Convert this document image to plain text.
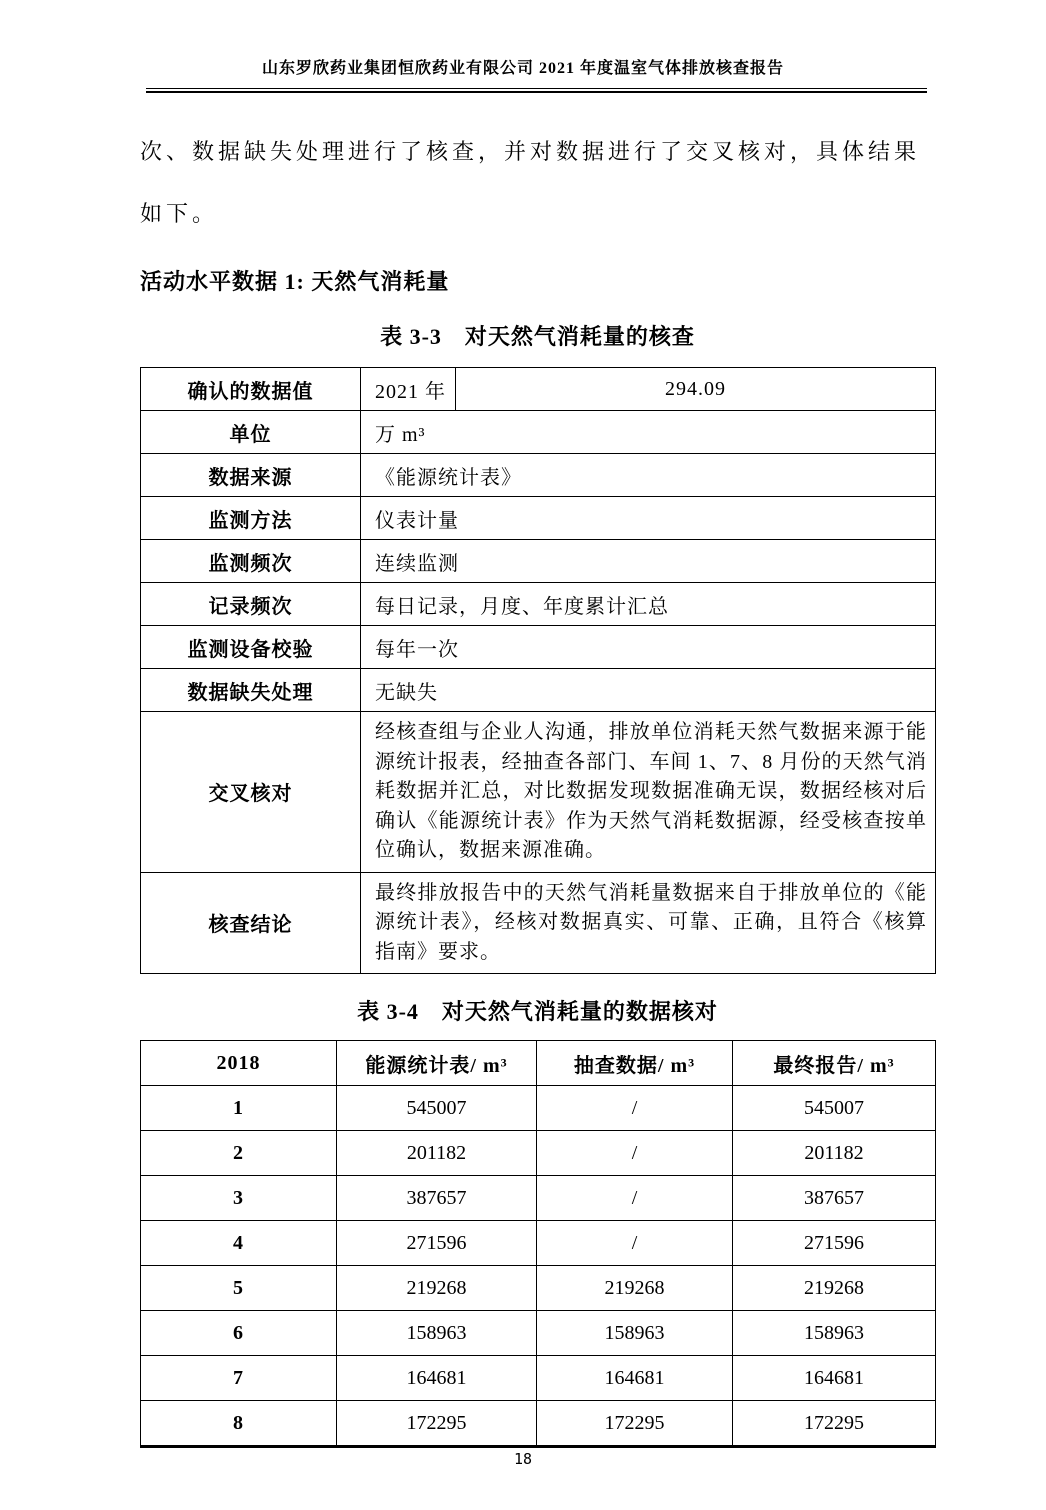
山东罗欣药业集团恒欣药业有限公司 2021 年度温室气体排放核查报告

次、数据缺失处理进行了核查，并对数据进行了交叉核对，具体结果

如下。

活动水平数据 1: 天然气消耗量
表 3-3　对天然气消耗量的核查
确认的数据值	2021 年	294.09
单位	万 m³	
数据来源	《能源统计表》	
监测方法	仪表计量	
监测频次	连续监测	
记录频次	每日记录，月度、年度累计汇总	
监测设备校验	每年一次	
数据缺失处理	无缺失	
交叉核对	经核查组与企业人沟通，排放单位消耗天然气数据来源于能源统计报表，经抽查各部门、车间 1、7、8 月份的天然气消耗数据并汇总，对比数据发现数据准确无误，数据经核对后确认《能源统计表》作为天然气消耗数据源，经受核查按单位确认，数据来源准确。	
核查结论	最终排放报告中的天然气消耗量数据来自于排放单位的《能源统计表》，经核对数据真实、可靠、正确，且符合《核算指南》要求。	
表 3-4　对天然气消耗量的数据核对
2018	能源统计表/ m³	抽查数据/ m³	最终报告/ m³
1	545007	/	545007
2	201182	/	201182
3	387657	/	387657
4	271596	/	271596
5	219268	219268	219268
6	158963	158963	158963
7	164681	164681	164681
8	172295	172295	172295
18
